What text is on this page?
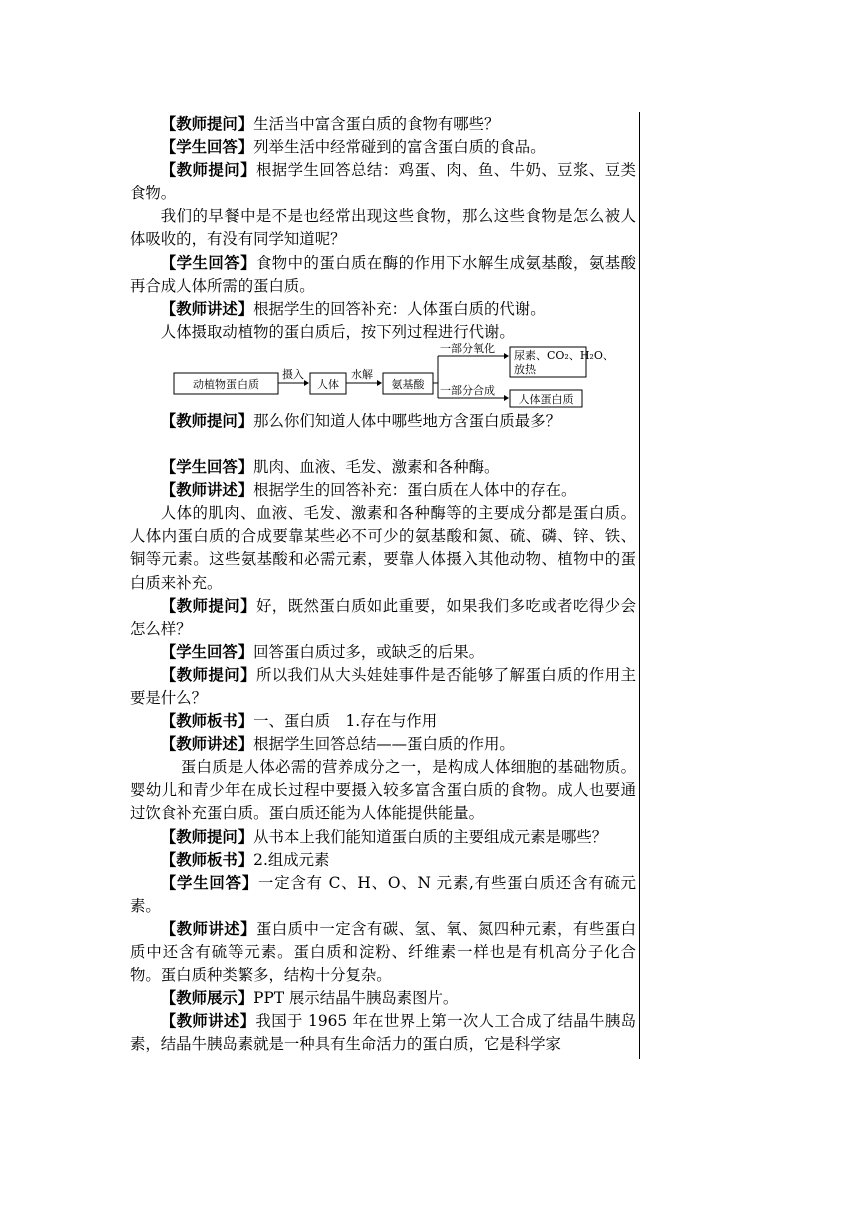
【教师提问】生活当中富含蛋白质的食物有哪些？

【学生回答】列举生活中经常碰到的富含蛋白质的食品。

【教师提问】根据学生回答总结：鸡蛋、肉、鱼、牛奶、豆浆、豆类食物。

我们的早餐中是不是也经常出现这些食物，那么这些食物是怎么被人体吸收的，有没有同学知道呢？

【学生回答】食物中的蛋白质在酶的作用下水解生成氨基酸，氨基酸再合成人体所需的蛋白质。

【教师讲述】根据学生的回答补充：人体蛋白质的代谢。

人体摄取动植物的蛋白质后，按下列过程进行代谢。

动植物蛋白质
摄入
人体
水解
氨基酸
一部分氧化
一部分合成
尿素、CO₂、H₂O、
放热
人体蛋白质

【教师提问】那么你们知道人体中哪些地方含蛋白质最多？

【学生回答】肌肉、血液、毛发、激素和各种酶。

【教师讲述】根据学生的回答补充：蛋白质在人体中的存在。

人体的肌肉、血液、毛发、激素和各种酶等的主要成分都是蛋白质。人体内蛋白质的合成要靠某些必不可少的氨基酸和氮、硫、磷、锌、铁、铜等元素。这些氨基酸和必需元素，要靠人体摄入其他动物、植物中的蛋白质来补充。

【教师提问】好，既然蛋白质如此重要，如果我们多吃或者吃得少会怎么样？

【学生回答】回答蛋白质过多，或缺乏的后果。

【教师提问】所以我们从大头娃娃事件是否能够了解蛋白质的作用主要是什么？

【教师板书】一、蛋白质　1.存在与作用

【教师讲述】根据学生回答总结——蛋白质的作用。

蛋白质是人体必需的营养成分之一，是构成人体细胞的基础物质。婴幼儿和青少年在成长过程中要摄入较多富含蛋白质的食物。成人也要通过饮食补充蛋白质。蛋白质还能为人体能提供能量。

【教师提问】从书本上我们能知道蛋白质的主要组成元素是哪些？

【教师板书】2.组成元素

【学生回答】一定含有 C、H、O、N 元素,有些蛋白质还含有硫元素。

【教师讲述】蛋白质中一定含有碳、氢、氧、氮四种元素，有些蛋白质中还含有硫等元素。蛋白质和淀粉、纤维素一样也是有机高分子化合物。蛋白质种类繁多，结构十分复杂。

【教师展示】PPT 展示结晶牛胰岛素图片。

【教师讲述】我国于 1965 年在世界上第一次人工合成了结晶牛胰岛素，结晶牛胰岛素就是一种具有生命活力的蛋白质，它是科学家
